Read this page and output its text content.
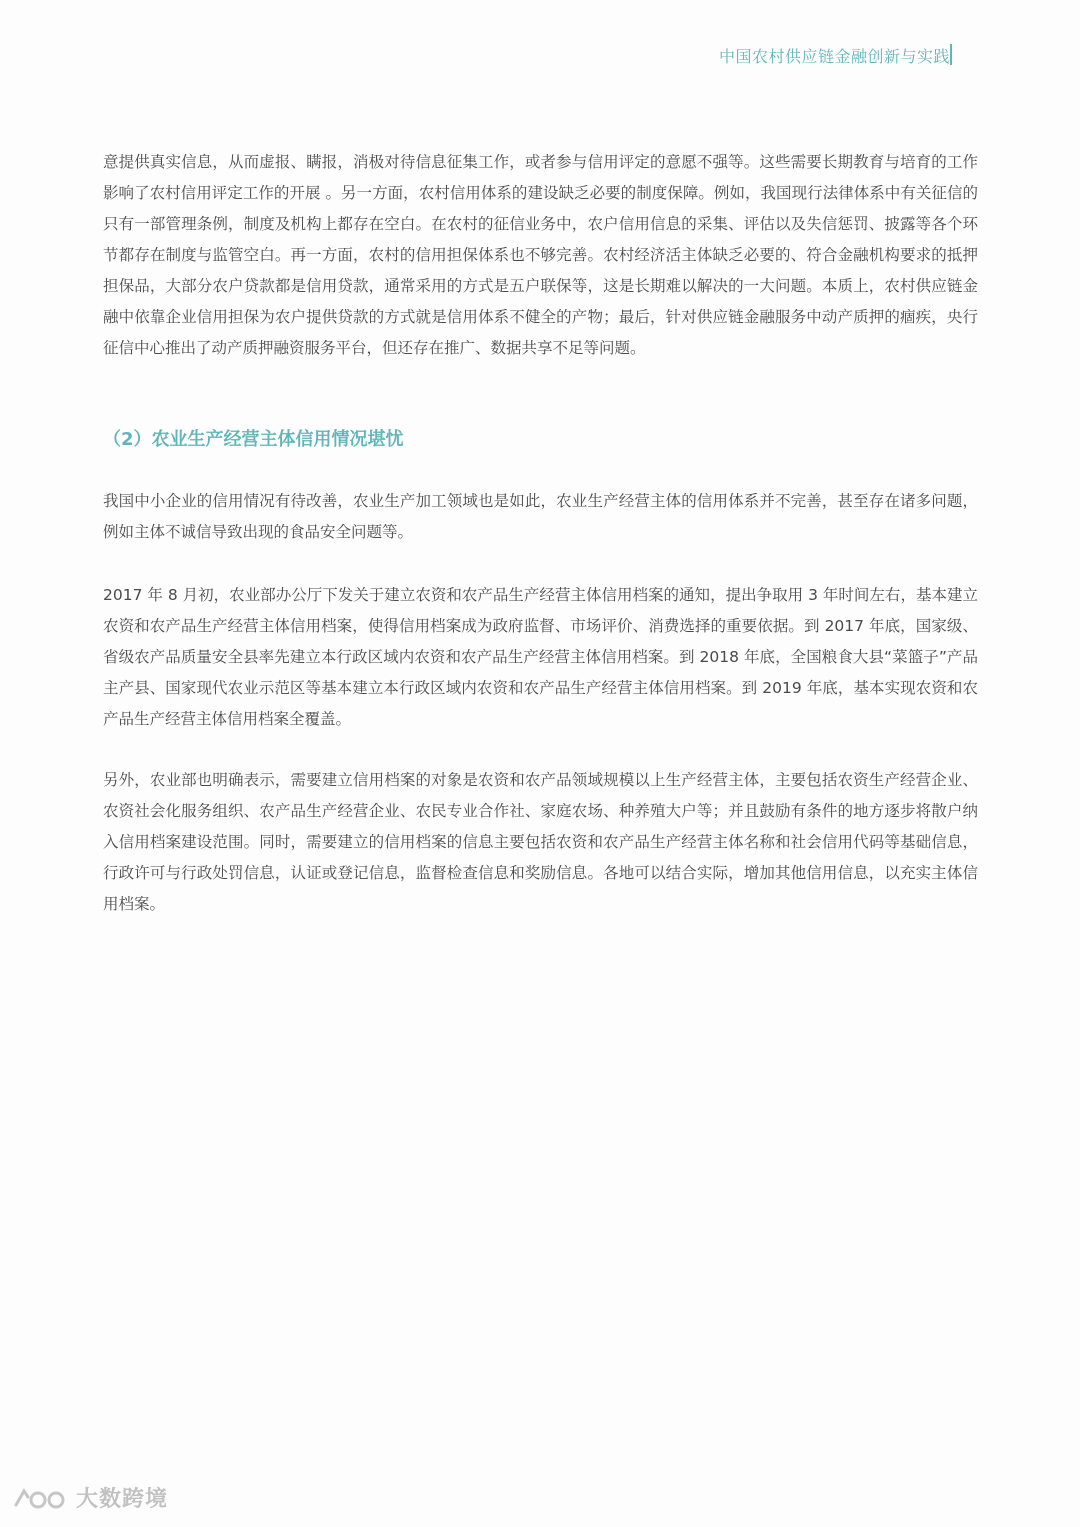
中国农村供应链金融创新与实践

意提供真实信息，从而虚报、瞒报，消极对待信息征集工作，或者参与信用评定的意愿不强等。这些需要长期教育与培育的工作影响了农村信用评定工作的开展 。另一方面，农村信用体系的建设缺乏必要的制度保障。例如，我国现行法律体系中有关征信的只有一部管理条例，制度及机构上都存在空白。在农村的征信业务中，农户信用信息的采集、评估以及失信惩罚、披露等各个环节都存在制度与监管空白。再一方面，农村的信用担保体系也不够完善。农村经济活主体缺乏必要的、符合金融机构要求的抵押担保品，大部分农户贷款都是信用贷款，通常采用的方式是五户联保等，这是长期难以解决的一大问题。本质上，农村供应链金融中依靠企业信用担保为农户提供贷款的方式就是信用体系不健全的产物；最后，针对供应链金融服务中动产质押的痼疾，央行征信中心推出了动产质押融资服务平台，但还存在推广、数据共享不足等问题。

（2）农业生产经营主体信用情况堪忧

我国中小企业的信用情况有待改善，农业生产加工领域也是如此，农业生产经营主体的信用体系并不完善，甚至存在诸多问题，例如主体不诚信导致出现的食品安全问题等。

2017 年 8 月初，农业部办公厅下发关于建立农资和农产品生产经营主体信用档案的通知，提出争取用 3 年时间左右，基本建立农资和农产品生产经营主体信用档案，使得信用档案成为政府监督、市场评价、消费选择的重要依据。到 2017 年底，国家级、省级农产品质量安全县率先建立本行政区域内农资和农产品生产经营主体信用档案。到 2018 年底，全国粮食大县“菜篮子”产品主产县、国家现代农业示范区等基本建立本行政区域内农资和农产品生产经营主体信用档案。到 2019 年底，基本实现农资和农产品生产经营主体信用档案全覆盖。

另外，农业部也明确表示，需要建立信用档案的对象是农资和农产品领域规模以上生产经营主体，主要包括农资生产经营企业、农资社会化服务组织、农产品生产经营企业、农民专业合作社、家庭农场、种养殖大户等；并且鼓励有条件的地方逐步将散户纳入信用档案建设范围。同时，需要建立的信用档案的信息主要包括农资和农产品生产经营主体名称和社会信用代码等基础信息，行政许可与行政处罚信息，认证或登记信息，监督检查信息和奖励信息。各地可以结合实际，增加其他信用信息，以充实主体信用档案。

大数跨境
